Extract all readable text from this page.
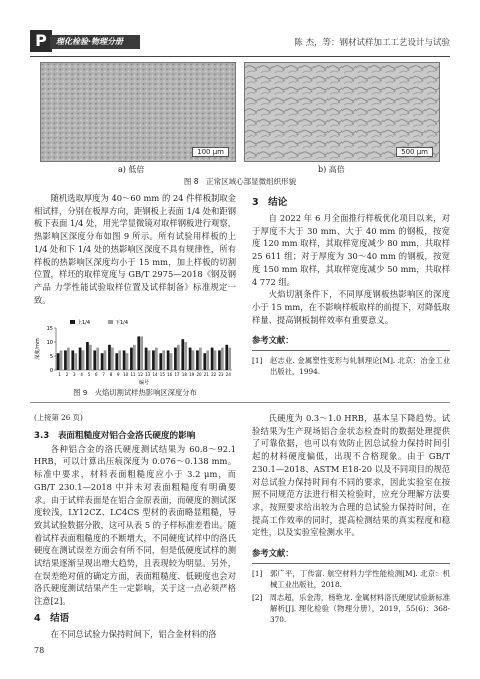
P	理化检验·物理分册	陈 杰，等：钢材试样加工工艺设计与试验
100 μm	500 μm
a) 低倍	b) 高倍
图 8　正常区域心部显微组织形貌

随机选取厚度为 40～60 mm 的 24 件样板制取金相试样，分别在板厚方向，距钢板上表面 1/4 处和距钢板下表面 1/4 处，用光学显微镜对取样钢板进行观察，热影响区深度分布如图 9 所示。所有试验用样板的上 1/4 处和下 1/4 处的热影响区深度不具有规律性，所有样板的热影响区深度均小于 15 mm，加上样板的切割位置，样坯的取样宽度与 GB/T 2975—2018《钢及钢产品 力学性能试验取样位置及试样制备》标准规定一致。

0
5
10
15
深度/mm
1 2 3 4 5 6 7 8 9 10 11 12 13 14 15 16 17 18 19 20 21 22 23 24
编号
上1/4	下1/4
图 9　火焰切割试样热影响区深度分布
3　结论

自 2022 年 6 月全面推行样板优化项目以来，对于厚度不大于 30 mm、大于 40 mm 的钢板，按宽度 120 mm 取样，其取样宽度减少 80 mm，共取样 25 611 组；对于厚度为 30～40 mm 的钢板，按宽度 150 mm 取样，其取样宽度减少 50 mm，共取样 4 772 组。

火焰切割条件下，不同厚度钢板热影响区的深度小于 15 mm，在不影响样板取样的前提下，对降低取样量、提高钢板制样效率有重要意义。

参考文献：
[1]　赵志业. 金属塑性变形与轧制理论[M]. 北京：冶金工业出版社，1994.
(上接第 26 页)
3.3　表面粗糙度对铝合金洛氏硬度的影响

各种铝合金的洛氏硬度测试结果为 60.8～92.1 HRB，可以计算出压痕深度为 0.076～0.138 mm。标准中要求，材料表面粗糙度应小于 3.2 μm，而 GB/T 230.1—2018 中并未对表面粗糙度有明确要求。由于试样表面是在铝合金原表面，而硬度的测试深度较浅，LY12CZ、LC4CS 型材的表面略显粗糙，导致其试验数据分散，这可从表 5 的子样标准差看出。随着试样表面粗糙度的不断增大，不同硬度试样中的洛氏硬度在测试误差方面会有所不同，但是低硬度试样的测试结果逐渐呈现出增大趋势，且表现较为明显。另外，在误差绝对值的确定方面，表面粗糙度、低硬度也会对洛氏硬度测试结果产生一定影响，关于这一点必须严格注意[2]。

4　结语

在不同总试验力保持时间下，铝合金材料的洛

氏硬度为 0.3～1.0 HRB，基本呈下降趋势。试验结果为生产现场铝合金状态检查时的数据处理提供了可靠依据，也可以有效防止因总试验力保持时间引起的材料硬度偏低，出现不合格现象。由于 GB/T 230.1—2018、ASTM E18-20 以及不同项目的规范对总试验力保持时间有不同的要求，因此实验室在按照不同规范方法进行相关检验时，应充分理解方法要求，按照要求给出较为合理的总试验力保持时间，在提高工作效率的同时，提高检测结果的真实程度和稳定性，以及实验室检测水平。

参考文献：
[1]　郭广平，丁传富. 航空材料力学性能检测[M]. 北京：机械工业出版社，2018.
[2]　周志超，乐金涛，杨艳龙. 金属材料洛氏硬度试验新标准解析[J]. 理化检验（物理分册），2019，55(6)：368-370.
78
